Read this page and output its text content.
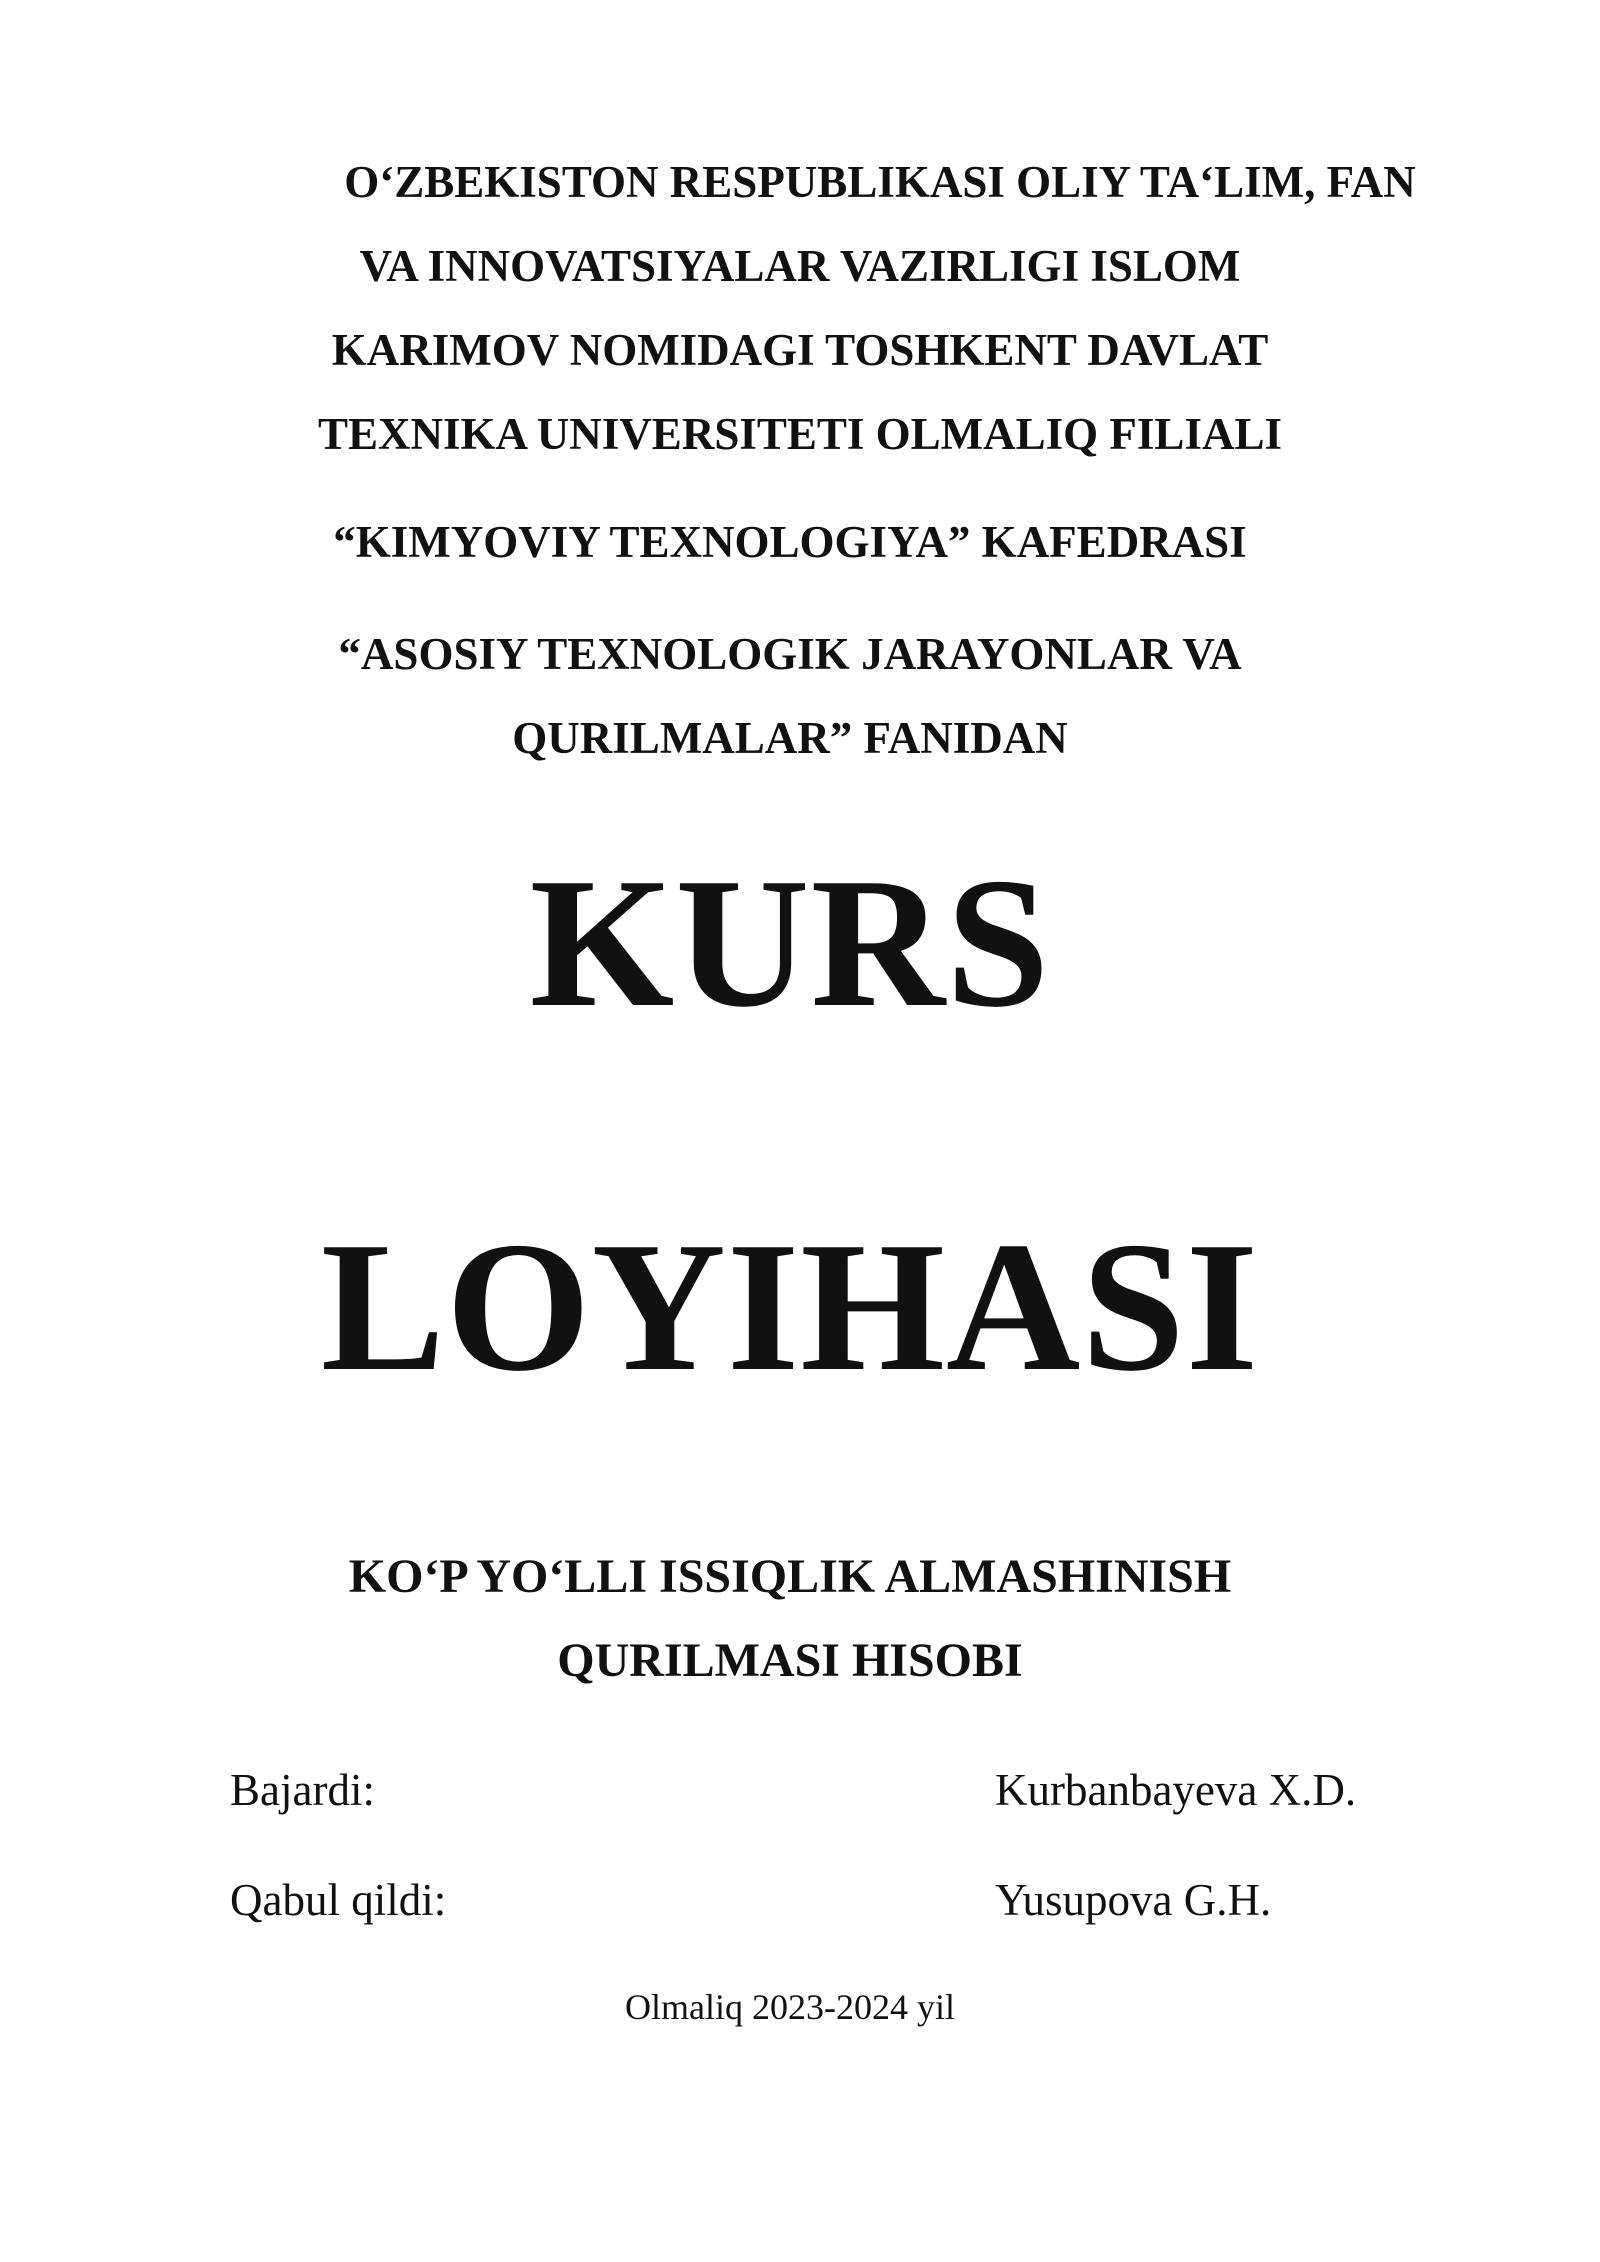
O‘ZBEKISTON RESPUBLIKASI OLIY TA‘LIM, FAN
VA INNOVATSIYALAR VAZIRLIGI ISLOM
KARIMOV NOMIDAGI TOSHKENT DAVLAT
TEXNIKA UNIVERSITETI OLMALIQ FILIALI
“KIMYOVIY TEXNOLOGIYA” KAFEDRASI
“ASOSIY TEXNOLOGIK JARAYONLAR VA
QURILMALAR” FANIDAN
KURS
LOYIHASI
KO‘P YO‘LLI ISSIQLIK ALMASHINISH
QURILMASI HISOBI
Bajardi:	Kurbanbayeva X.D.
Qabul qildi:	Yusupova G.H.
Olmaliq 2023-2024 yil
